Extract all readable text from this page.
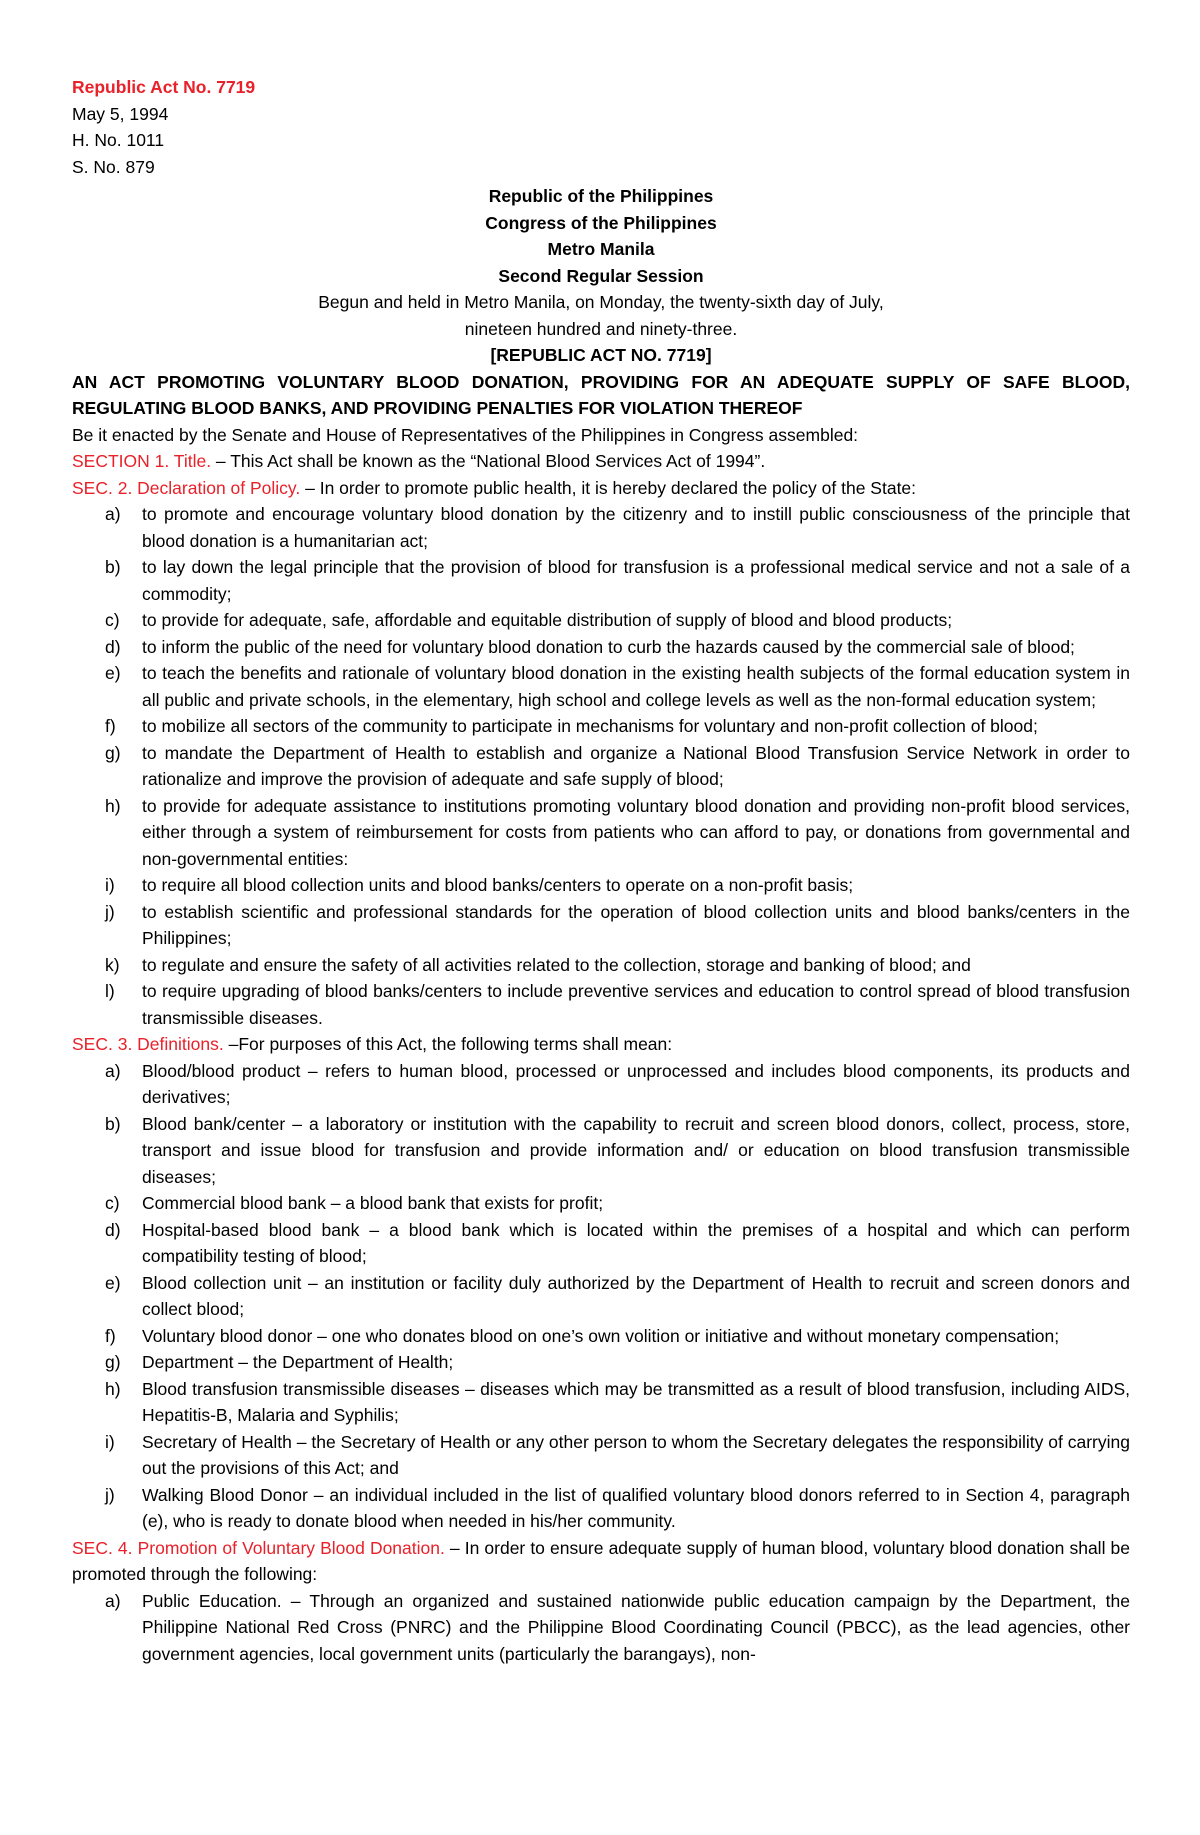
Republic Act No. 7719

May 5, 1994

H. No. 1011

S. No. 879

Republic of the Philippines

Congress of the Philippines

Metro Manila

Second Regular Session

Begun and held in Metro Manila, on Monday, the twenty-sixth day of July,

nineteen hundred and ninety-three.

[REPUBLIC ACT NO. 7719]

AN ACT PROMOTING VOLUNTARY BLOOD DONATION, PROVIDING FOR AN ADEQUATE SUPPLY OF SAFE BLOOD, REGULATING BLOOD BANKS, AND PROVIDING PENALTIES FOR VIOLATION THEREOF

Be it enacted by the Senate and House of Representatives of the Philippines in Congress assembled:

SECTION 1. Title. – This Act shall be known as the “National Blood Services Act of 1994”.

SEC. 2. Declaration of Policy. – In order to promote public health, it is hereby declared the policy of the State:

a)	to promote and encourage voluntary blood donation by the citizenry and to instill public consciousness of the principle that blood donation is a humanitarian act;
b)	to lay down the legal principle that the provision of blood for transfusion is a professional medical service and not a sale of a commodity;
c)	to provide for adequate, safe, affordable and equitable distribution of supply of blood and blood products;
d)	to inform the public of the need for voluntary blood donation to curb the hazards caused by the commercial sale of blood;
e)	to teach the benefits and rationale of voluntary blood donation in the existing health subjects of the formal education system in all public and private schools, in the elementary, high school and college levels as well as the non-formal education system;
f)	to mobilize all sectors of the community to participate in mechanisms for voluntary and non-profit collection of blood;
g)	to mandate the Department of Health to establish and organize a National Blood Transfusion Service Network in order to rationalize and improve the provision of adequate and safe supply of blood;
h)	to provide for adequate assistance to institutions promoting voluntary blood donation and providing non-profit blood services, either through a system of reimbursement for costs from patients who can afford to pay, or donations from governmental and non-governmental entities:
i)	to require all blood collection units and blood banks/centers to operate on a non-profit basis;
j)	to establish scientific and professional standards for the operation of blood collection units and blood banks/centers in the Philippines;
k)	to regulate and ensure the safety of all activities related to the collection, storage and banking of blood; and
l)	to require upgrading of blood banks/centers to include preventive services and education to control spread of blood transfusion transmissible diseases.

SEC. 3. Definitions. –For purposes of this Act, the following terms shall mean:

a)	Blood/blood product – refers to human blood, processed or unprocessed and includes blood components, its products and derivatives;
b)	Blood bank/center – a laboratory or institution with the capability to recruit and screen blood donors, collect, process, store, transport and issue blood for transfusion and provide information and/ or education on blood transfusion transmissible diseases;
c)	Commercial blood bank – a blood bank that exists for profit;
d)	Hospital-based blood bank – a blood bank which is located within the premises of a hospital and which can perform compatibility testing of blood;
e)	Blood collection unit – an institution or facility duly authorized by the Department of Health to recruit and screen donors and collect blood;
f)	Voluntary blood donor – one who donates blood on one’s own volition or initiative and without monetary compensation;
g)	Department – the Department of Health;
h)	Blood transfusion transmissible diseases – diseases which may be transmitted as a result of blood transfusion, including AIDS, Hepatitis-B, Malaria and Syphilis;
i)	Secretary of Health – the Secretary of Health or any other person to whom the Secretary delegates the responsibility of carrying out the provisions of this Act; and
j)	Walking Blood Donor – an individual included in the list of qualified voluntary blood donors referred to in Section 4, paragraph (e), who is ready to donate blood when needed in his/her community.

SEC. 4. Promotion of Voluntary Blood Donation. – In order to ensure adequate supply of human blood, voluntary blood donation shall be promoted through the following:

a)	Public Education. – Through an organized and sustained nationwide public education campaign by the Department, the Philippine National Red Cross (PNRC) and the Philippine Blood Coordinating Council (PBCC), as the lead agencies, other government agencies, local government units (particularly the barangays), non-
